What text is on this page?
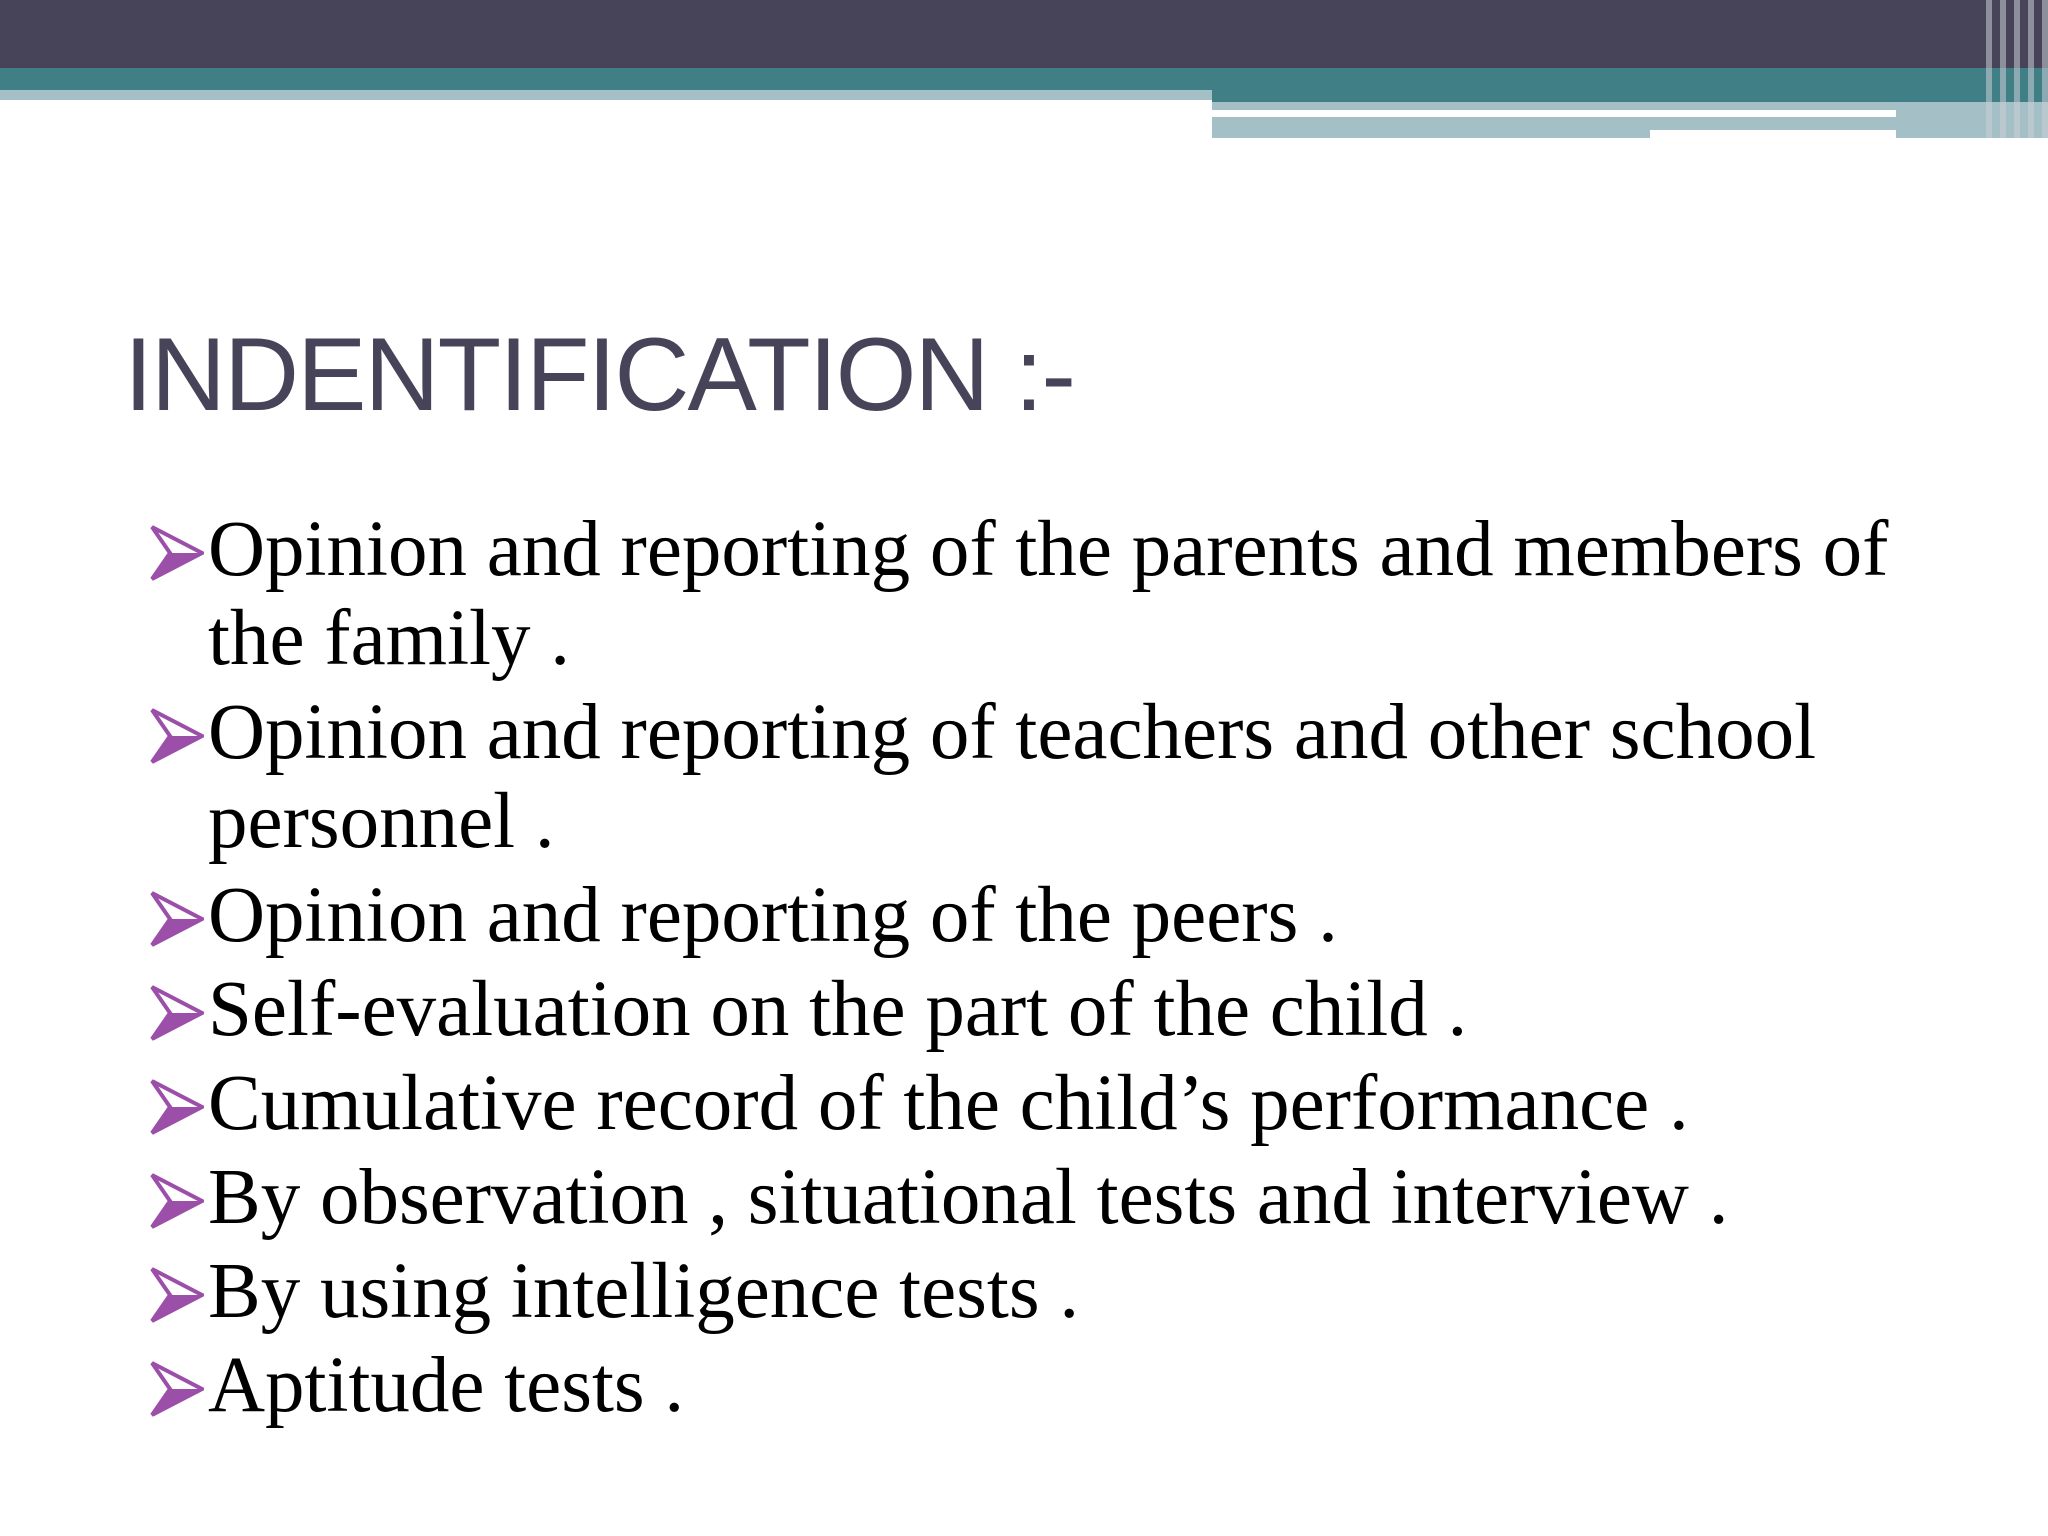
INDENTIFICATION :-
Opinion and reporting of the parents and members of the family .
Opinion and reporting of teachers and other school personnel .
Opinion and reporting of the peers .
Self-evaluation on the part of the child .
Cumulative record of the child’s performance .
By observation , situational tests and interview .
By using intelligence tests .
Aptitude tests .
